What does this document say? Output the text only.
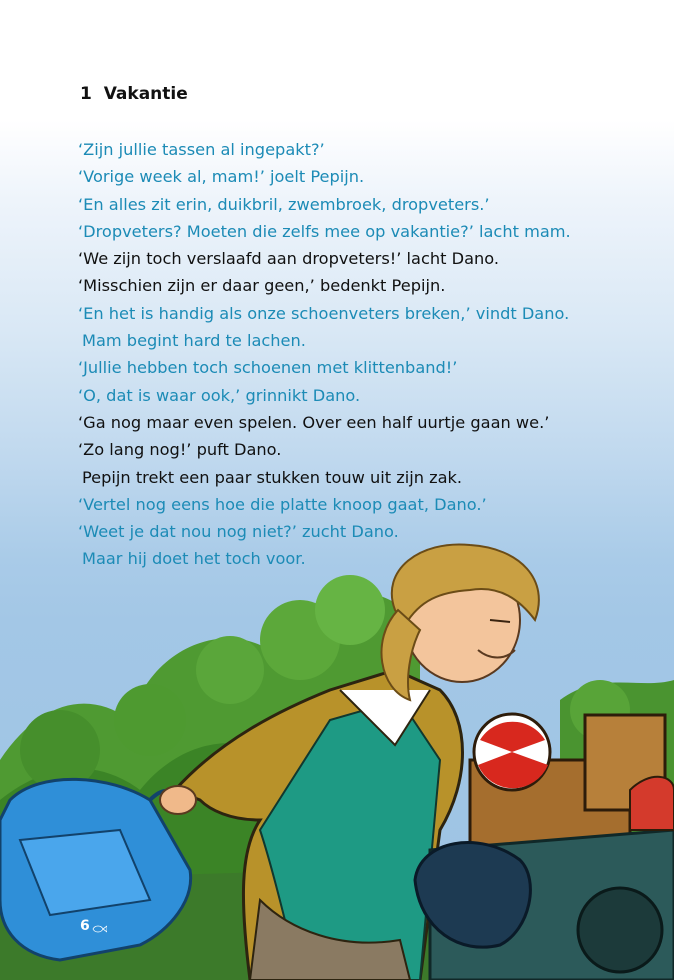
1 Vakantie
‘Zijn jullie tassen al ingepakt?’
‘Vorige week al, mam!’ joelt Pepijn.
‘En alles zit erin, duikbril, zwembroek, dropveters.’
‘Dropveters? Moeten die zelfs mee op vakantie?’ lacht mam.
‘We zijn toch verslaafd aan dropveters!’ lacht Dano.
‘Misschien zijn er daar geen,’ bedenkt Pepijn.
‘En het is handig als onze schoenveters breken,’ vindt Dano.
Mam begint hard te lachen.
‘Jullie hebben toch schoenen met klittenband!’
‘O, dat is waar ook,’ grinnikt Dano.
‘Ga nog maar even spelen. Over een half uurtje gaan we.’
‘Zo lang nog!’ puft Dano.
Pepijn trekt een paar stukken touw uit zijn zak.
‘Vertel nog eens hoe die platte knoop gaat, Dano.’
‘Weet je dat nou nog niet?’ zucht Dano.
Maar hij doet het toch voor.
6
